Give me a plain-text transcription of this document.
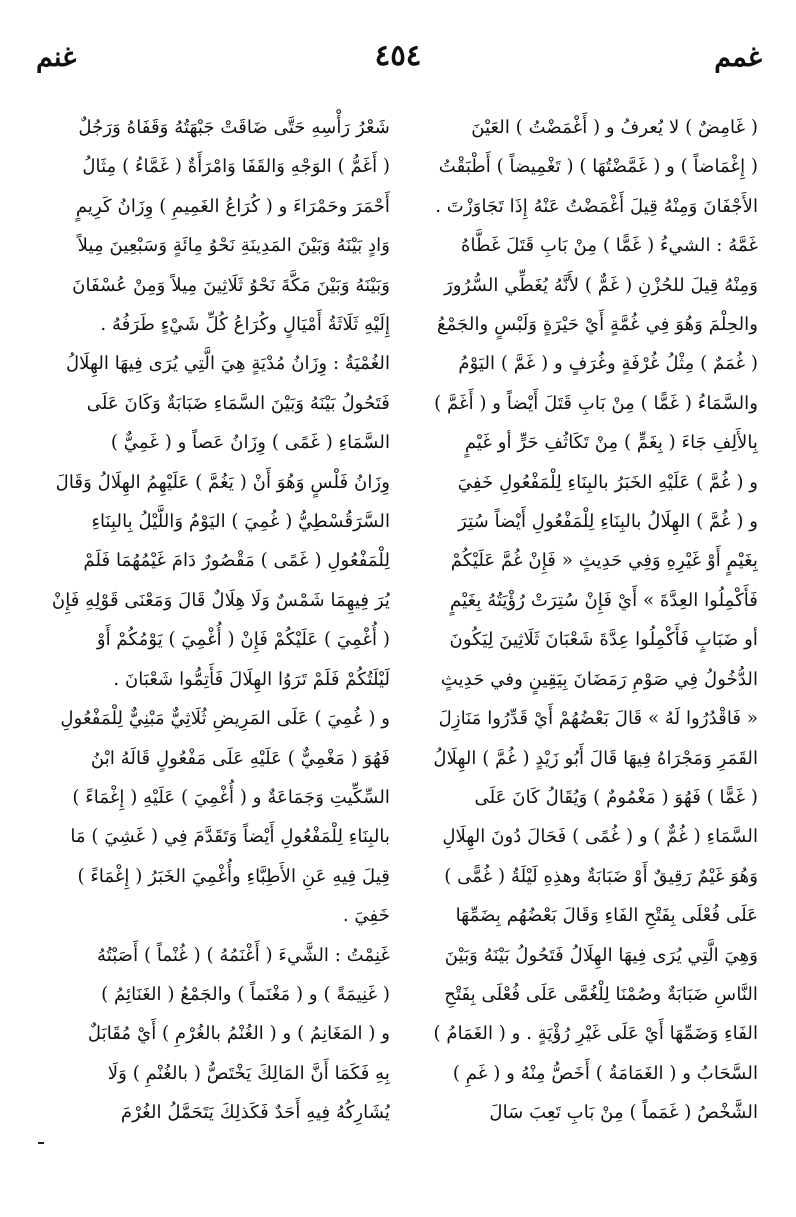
غمم
٤٥٤
غنم
( غَامِضٌ ) لا يُعرفُ و ( أَغْمَضْتُ ) العَيْنَ
( إِغْمَاضاً ) و ( غَمَّضْتُهَا ) ( تَغْمِيضاً ) أَطْبَقْتُ
الأَجْفَانَ وَمِنْهُ قِيلَ أَغْمَضْتُ عَنْهُ إِذَا تَجَاوَزْتَ .
غَمَّهُ : الشيءُ ( غَمًّا ) مِنْ بَابِ قَتَلَ غَطَّاهُ
وَمِنْهُ قِيلَ للحُزْنِ ( غَمٌّ ) لأَنَّهُ يُغَطِّي السُّرُورَ
والحِلْمَ وَهُوَ فِي غُمَّةٍ أَيْ حَيْرَةٍ وَلَبْسٍ والجَمْعُ
( غُمَمٌ ) مِثْلُ غُرْفَةٍ وغُرَفٍ و ( غَمَّ ) اليَوْمُ
والسَّمَاءُ ( غَمًّا ) مِنْ بَابِ قَتَلَ أَيْضاً و ( أَغَمَّ )
بِالأَلِفِ جَاءَ ( بِغَمٍّ ) مِنْ تَكَاثُفِ حَرٍّ أو غَيْمٍ
و ( غُمَّ ) عَلَيْهِ الخَبَرُ بالبِنَاءِ لِلْمَفْعُولِ خَفِيَ
و ( غُمَّ ) الهِلَالُ بالبِنَاءِ لِلْمَفْعُولِ أَيْضاً سُتِرَ
بِغَيْمٍ أَوْ غَيْرِهِ وَفِي حَدِيثٍ « فَإِنْ غُمَّ عَلَيْكُمْ
فَأَكْمِلُوا العِدَّةَ » أَيْ فَإِنْ سُتِرَتْ رُؤْيَتُهُ بِغَيْمٍ
أو ضَبَابٍ فَأَكْمِلُوا عِدَّةَ شَعْبَانَ ثَلَاثِينَ لِيَكُونَ
الدُّخُولُ فِي صَوْمِ رَمَضَانَ بِيَقِينٍ وفي حَدِيثٍ
« فَاقْدُرُوا لَهُ » قَالَ بَعْضُهُمْ أَيْ قَدِّرُوا مَنَازِلَ
القَمَرِ وَمَجْرَاهُ فِيهَا قَالَ أَبُو زَيْدٍ ( غُمَّ ) الهِلَالُ
( غَمًّا ) فَهُوَ ( مَغْمُومٌ ) وَيُقَالُ كَانَ عَلَى
السَّمَاءِ ( غُمٌّ ) و ( غُمًى ) فَحَالَ دُونَ الهِلَالِ
وَهُوَ غَيْمٌ رَقِيقٌ أَوْ ضَبَابَةٌ وهذِهِ لَيْلَةُ ( غُمًّى )
عَلَى فُعْلَى بِفَتْحِ الفَاءِ وَقَالَ بَعْضُهُم بِضَمِّهَا
وَهِيَ الَّتِي يُرَى فِيهَا الهِلَالُ فَتَحُولُ بَيْنَهُ وَبَيْنَ
النَّاسِ ضَبَابَةٌ وصُمْنَا لِلْغُمَّى عَلَى فُعْلَى بِفَتْحِ
الفَاءِ وَضَمِّهَا أَيْ عَلَى غَيْرِ رُؤْيَةٍ . و ( الغَمَامُ )
السَّحَابُ و ( الغَمَامَةُ ) أَخَصُّ مِنْهُ و ( غَمِ )
الشَّخْصُ ( غَمَماً ) مِنْ بَابِ تَعِبَ سَالَ
شَعْرُ رَأْسِهِ حَتَّى ضَاقَتْ جَبْهَتُهُ وَقَفَاهُ وَرَجُلٌ
( أَغَمُّ ) الوَجْهِ وَالقَفَا وَامْرَأَةٌ ( غَمَّاءُ ) مِثَالُ
أَحْمَرَ وحَمْرَاءَ و ( كُرَاعُ الغَمِيمِ ) وِزَانُ كَرِيمٍ
وَادٍ بَيْنَهُ وَبَيْنَ المَدِينَةِ نَحْوُ مِائَةٍ وَسَبْعِينَ مِيلاً
وَبَيْنَهُ وَبَيْنَ مَكَّةَ نَحْوُ ثَلَاثِينَ مِيلاً وَمِنْ عُسْفَانَ
إِلَيْهِ ثَلَاثَةُ أَمْيَالٍ وكُرَاعُ كُلِّ شَيْءٍ طَرَفُهُ .
الغُمْيَةُ : وِزَانُ مُدْيَةٍ هِيَ الَّتِي يُرَى فِيهَا الهِلَالُ
فَتَحُولُ بَيْنَهُ وَبَيْنَ السَّمَاءِ ضَبَابَةٌ وَكَانَ عَلَى
السَّمَاءِ ( غَمًى ) وِزَانُ عَصاً و ( غَمِيٌّ )
وِزَانُ فَلْسٍ وَهُوَ أَنْ ( يَغُمَّ ) عَلَيْهِمُ الهِلَالُ وَقَالَ
السَّرَقُسْطِيُّ ( غُمِيَ ) اليَوْمُ وَاللَّيْلُ بِالبِنَاءِ
لِلْمَفْعُولِ ( غَمًى ) مَقْصُورٌ دَامَ غَيْمُهُمَا فَلَمْ
يُرَ فِيهِمَا شَمْسٌ وَلَا هِلَالٌ قَالَ وَمَعْنَى قَوْلِهِ فَإِنْ
( أُغْمِيَ ) عَلَيْكُمْ فَإِنْ ( أُغْمِيَ ) يَوْمُكُمْ أَوْ
لَيْلَتُكُمْ فَلَمْ تَرَوُا الهِلَالَ فَأَتِمُّوا شَعْبَانَ .
و ( غُمِيَ ) عَلَى المَرِيضِ ثُلَاثِيٌّ مَبْنِيٌّ لِلْمَفْعُولِ
فَهُوَ ( مَغْمِيٌّ ) عَلَيْهِ عَلَى مَفْعُولٍ قَالَهُ ابْنُ
السِّكِّيتِ وَجَمَاعَةٌ و ( أُغْمِيَ ) عَلَيْهِ ( إِغْمَاءً )
بالبِنَاءِ لِلْمَفْعُولِ أَيْضاً وَتَقَدَّمَ فِي ( غَشِيَ ) مَا
قِيلَ فِيهِ عَنِ الأَطِبَّاءِ وأُغْمِيَ الخَبَرُ ( إِغْمَاءً )
خَفِيَ .
غَنِمْتُ : الشَّيءَ ( أَغْنَمُهُ ) ( غُنْماً ) أَصَبْتُهُ
( غَنِيمَةً ) و ( مَغْنَماً ) والجَمْعُ ( الغَنَائِمُ )
و ( المَغَانِمُ ) و ( الغُنْمُ بالغُرْمِ ) أَيْ مُقَابَلٌ
بِهِ فَكَمَا أَنَّ المَالِكَ يَخْتَصُّ ( بالغُنْمِ ) وَلَا
يُشَارِكُهُ فِيهِ أَحَدٌ فَكَذلِكَ يَتَحَمَّلُ الغُرْمَ
